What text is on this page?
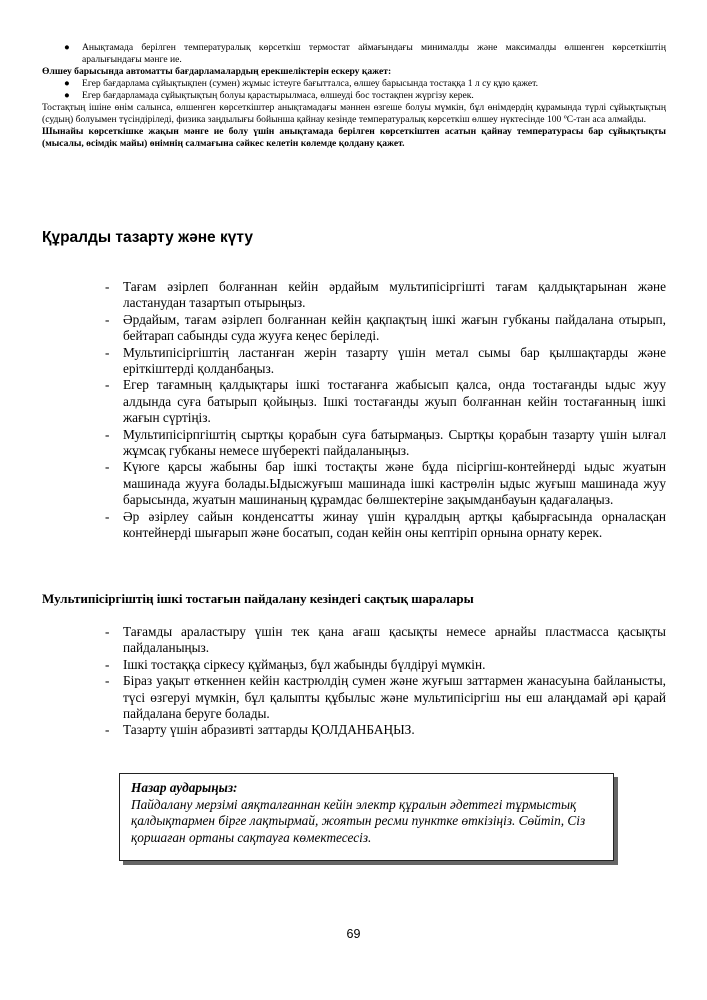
● Анықтамада берілген температуралық көрсеткіш термостат аймағындағы минималды және максималды өлшенген көрсеткіштің аралығындағы мәнге ие.

Өлшеу барысында автоматты бағдарламалардың ерекшеліктерін ескеру қажет:

● Егер бағдарлама сұйықтықпен (сумен) жұмыс істеуге бағытталса, өлшеу барысында тостаққа 1 л су құю қажет.

● Егер бағдарламада сұйықтықтың болуы қарастырылмаса, өлшеуді бос тостақпен жүргізу керек.

Тостақтың ішіне өнім салынса, өлшенген көрсеткіштер анықтамадағы мәннен өзгеше болуы мүмкін, бұл өнімдердің құрамында түрлі сұйықтықтың (судың) болуымен түсіндіріледі, физика заңдылығы бойынша қайнау кезінде температуралық көрсеткіш өлшеу нүктесінде 100 ºС-тан аса алмайды.

Шынайы көрсеткішке жақын мәнге ие болу үшін анықтамада берілген көрсеткіштен асатын қайнау температурасы бар сұйықтықты (мысалы, өсімдік майы) өнімнің салмағына сәйкес келетін көлемде қолдану қажет.

Құралды тазарту және күту
- Тағам әзірлеп болғаннан кейін әрдайым мультипісіргішті тағам қалдықтарынан және ластанудан тазартып отырыңыз.
- Әрдайым, тағам әзірлеп болғаннан кейін қақпақтың ішкі жағын губканы пайдалана отырып, бейтарап сабынды суда жууға кеңес беріледі.
- Мультипісіргіштің ластанған жерін тазарту үшін метал сымы бар қылшақтарды және еріткіштерді қолданбаңыз.
- Егер тағамның қалдықтары ішкі тостағанға жабысып қалса, онда тостағанды ыдыс жуу алдында суға батырып қойыңыз. Ішкі тостағанды жуып болғаннан кейін тостағанның ішкі жағын сүртіңіз.
- Мультипісірпгіштің сыртқы қорабын суға батырмаңыз. Сыртқы қорабын тазарту үшін ылғал жұмсақ губканы немесе шүберекті пайдаланыңыз.
- Күюге қарсы жабыны бар ішкі тостақты және бұда пісіргіш-контейнерді ыдыс жуатын машинада жууға болады.Ыдысжуғыш машинада ішкі кастрөлін ыдыс жуғыш машинада жуу барысында, жуатын машинаның құрамдас бөлшектеріне зақымданбауын қадағалаңыз.
- Әр әзірлеу сайын конденсатты жинау үшін құралдың артқы қабырғасында орналасқан контейнерді шығарып және босатып, содан кейін оны кептіріп орнына орнату керек.
Мультипісіргіштің ішкі тостағын пайдалану кезіндегі сақтық шаралары
- Тағамды араластыру үшін тек қана ағаш қасықты немесе арнайы пластмасса қасықты пайдаланыңыз.
- Ішкі тостаққа сіркесу құймаңыз, бұл жабынды бүлдіруі мүмкін.
- Біраз уақыт өткеннен кейін кастрюлдің сумен және жуғыш заттармен жанасуына байланысты, түсі өзгеруі мүмкін, бұл қалыпты құбылыс және мультипісіргіш ны еш алаңдамай әрі қарай пайдалана беруге болады.
- Тазарту үшін абразивті заттарды ҚОЛДАНБАҢЫЗ.
Назар аударыңыз:
Пайдалану мерзімі аяқталғаннан кейін электр құралын әдеттегі тұрмыстық қалдықтармен бірге лақтырмай, жоятын ресми пунктке өткізіңіз. Сөйтіп, Сіз қоршаған ортаны сақтауға көмектесесіз.
69
